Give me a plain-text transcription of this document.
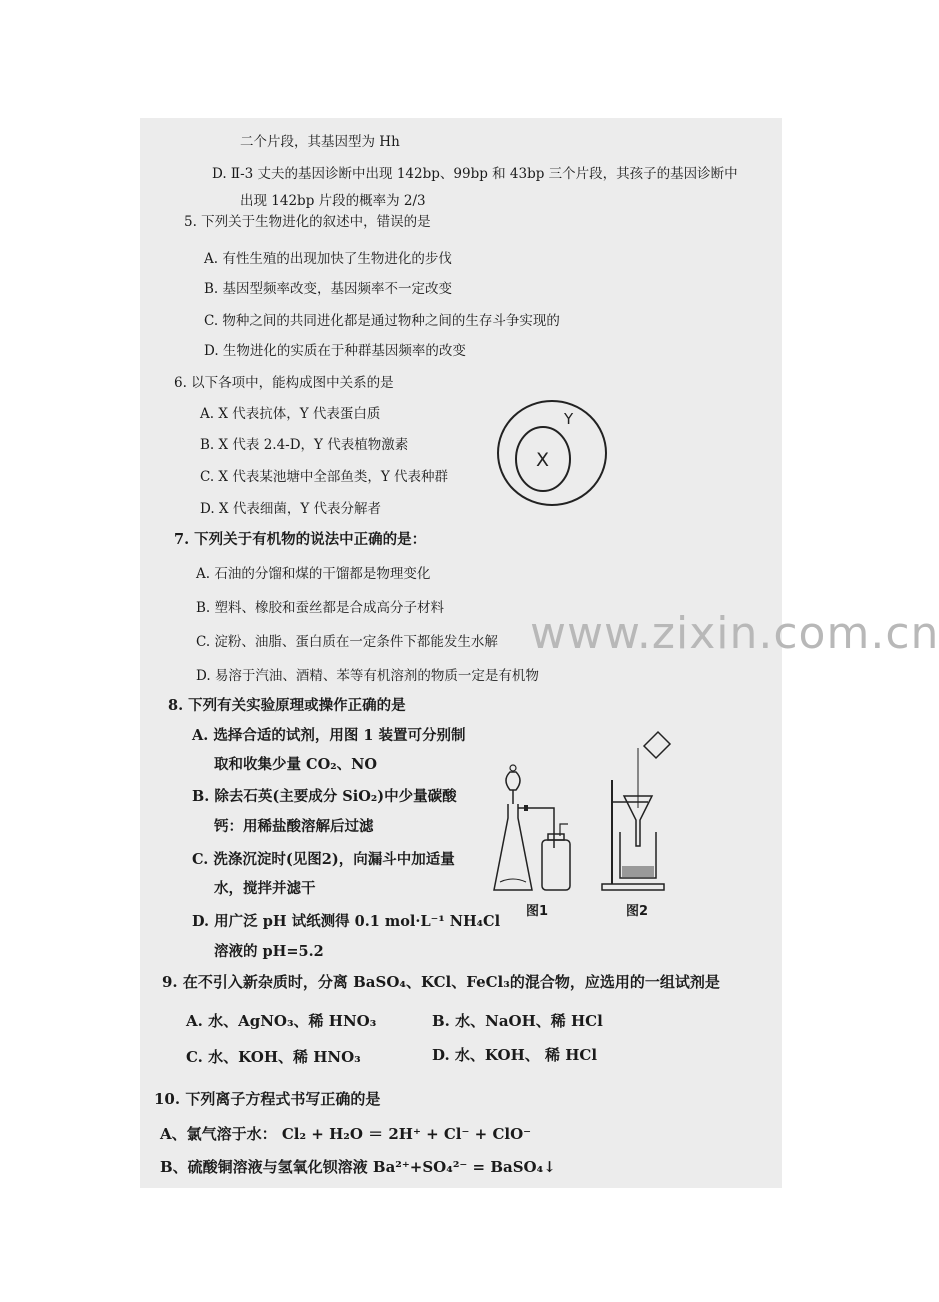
www.zixin.com.cn
二个片段，其基因型为 Hh
D. Ⅱ-3 丈夫的基因诊断中出现 142bp、99bp 和 43bp 三个片段，其孩子的基因诊断中
出现 142bp 片段的概率为 2/3
5. 下列关于生物进化的叙述中，错误的是
A. 有性生殖的出现加快了生物进化的步伐
B. 基因型频率改变，基因频率不一定改变
C. 物种之间的共同进化都是通过物种之间的生存斗争实现的
D. 生物进化的实质在于种群基因频率的改变
6. 以下各项中，能构成图中关系的是
A. X 代表抗体，Y 代表蛋白质
B. X 代表 2.4-D，Y 代表植物激素
C. X 代表某池塘中全部鱼类，Y 代表种群
D. X 代表细菌，Y 代表分解者
Y
X
7. 下列关于有机物的说法中正确的是：
A. 石油的分馏和煤的干馏都是物理变化
B. 塑料、橡胶和蚕丝都是合成高分子材料
C. 淀粉、油脂、蛋白质在一定条件下都能发生水解
D. 易溶于汽油、酒精、苯等有机溶剂的物质一定是有机物
8. 下列有关实验原理或操作正确的是
A. 选择合适的试剂，用图 1 装置可分别制
取和收集少量 CO₂、NO
B. 除去石英(主要成分 SiO₂)中少量碳酸
钙：用稀盐酸溶解后过滤
C. 洗涤沉淀时(见图2)，向漏斗中加适量
水，搅拌并滤干
D. 用广泛 pH 试纸测得 0.1 mol·L⁻¹ NH₄Cl
溶液的 pH=5.2
图1	图2
9. 在不引入新杂质时，分离 BaSO₄、KCl、FeCl₃的混合物，应选用的一组试剂是
A. 水、AgNO₃、稀 HNO₃	B. 水、NaOH、稀 HCl
C. 水、KOH、稀 HNO₃	D. 水、KOH、 稀 HCl
10. 下列离子方程式书写正确的是
A、氯气溶于水： Cl₂ + H₂O ＝ 2H⁺ + Cl⁻ + ClO⁻
B、硫酸铜溶液与氢氧化钡溶液 Ba²⁺+SO₄²⁻ = BaSO₄↓
